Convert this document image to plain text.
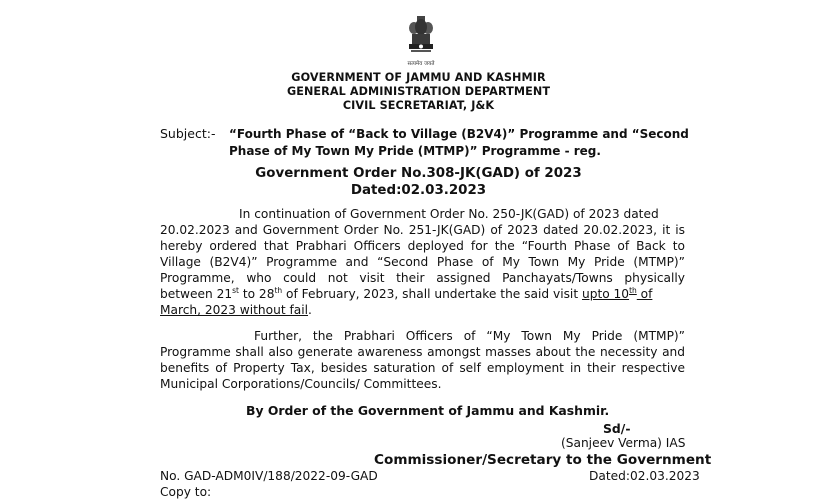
सत्यमेव जयते
GOVERNMENT OF JAMMU AND KASHMIR
GENERAL ADMINISTRATION DEPARTMENT
CIVIL SECRETARIAT, J&K
Subject:- “Fourth Phase of “Back to Village (B2V4)” Programme and “Second
Phase of My Town My Pride (MTMP)” Programme - reg.
Government Order No.308-JK(GAD) of 2023
Dated:02.03.2023
In continuation of Government Order No. 250-JK(GAD) of 2023 dated
20.02.2023 and Government Order No. 251-JK(GAD) of 2023 dated 20.02.2023, it is
hereby ordered that Prabhari Officers deployed for the “Fourth Phase of Back to
Village (B2V4)” Programme and “Second Phase of My Town My Pride (MTMP)”
Programme, who could not visit their assigned Panchayats/Towns physically
between 21st to 28th of February, 2023, shall undertake the said visit upto 10th of
March, 2023 without fail.
Further, the Prabhari Officers of “My Town My Pride (MTMP)”
Programme shall also generate awareness amongst masses about the necessity and
benefits of Property Tax, besides saturation of self employment in their respective
Municipal Corporations/Councils/ Committees.
By Order of the Government of Jammu and Kashmir.
Sd/-
(Sanjeev Verma) IAS
Commissioner/Secretary to the Government
No. GAD-ADM0IV/188/2022-09-GAD	Dated:02.03.2023
Copy to:
